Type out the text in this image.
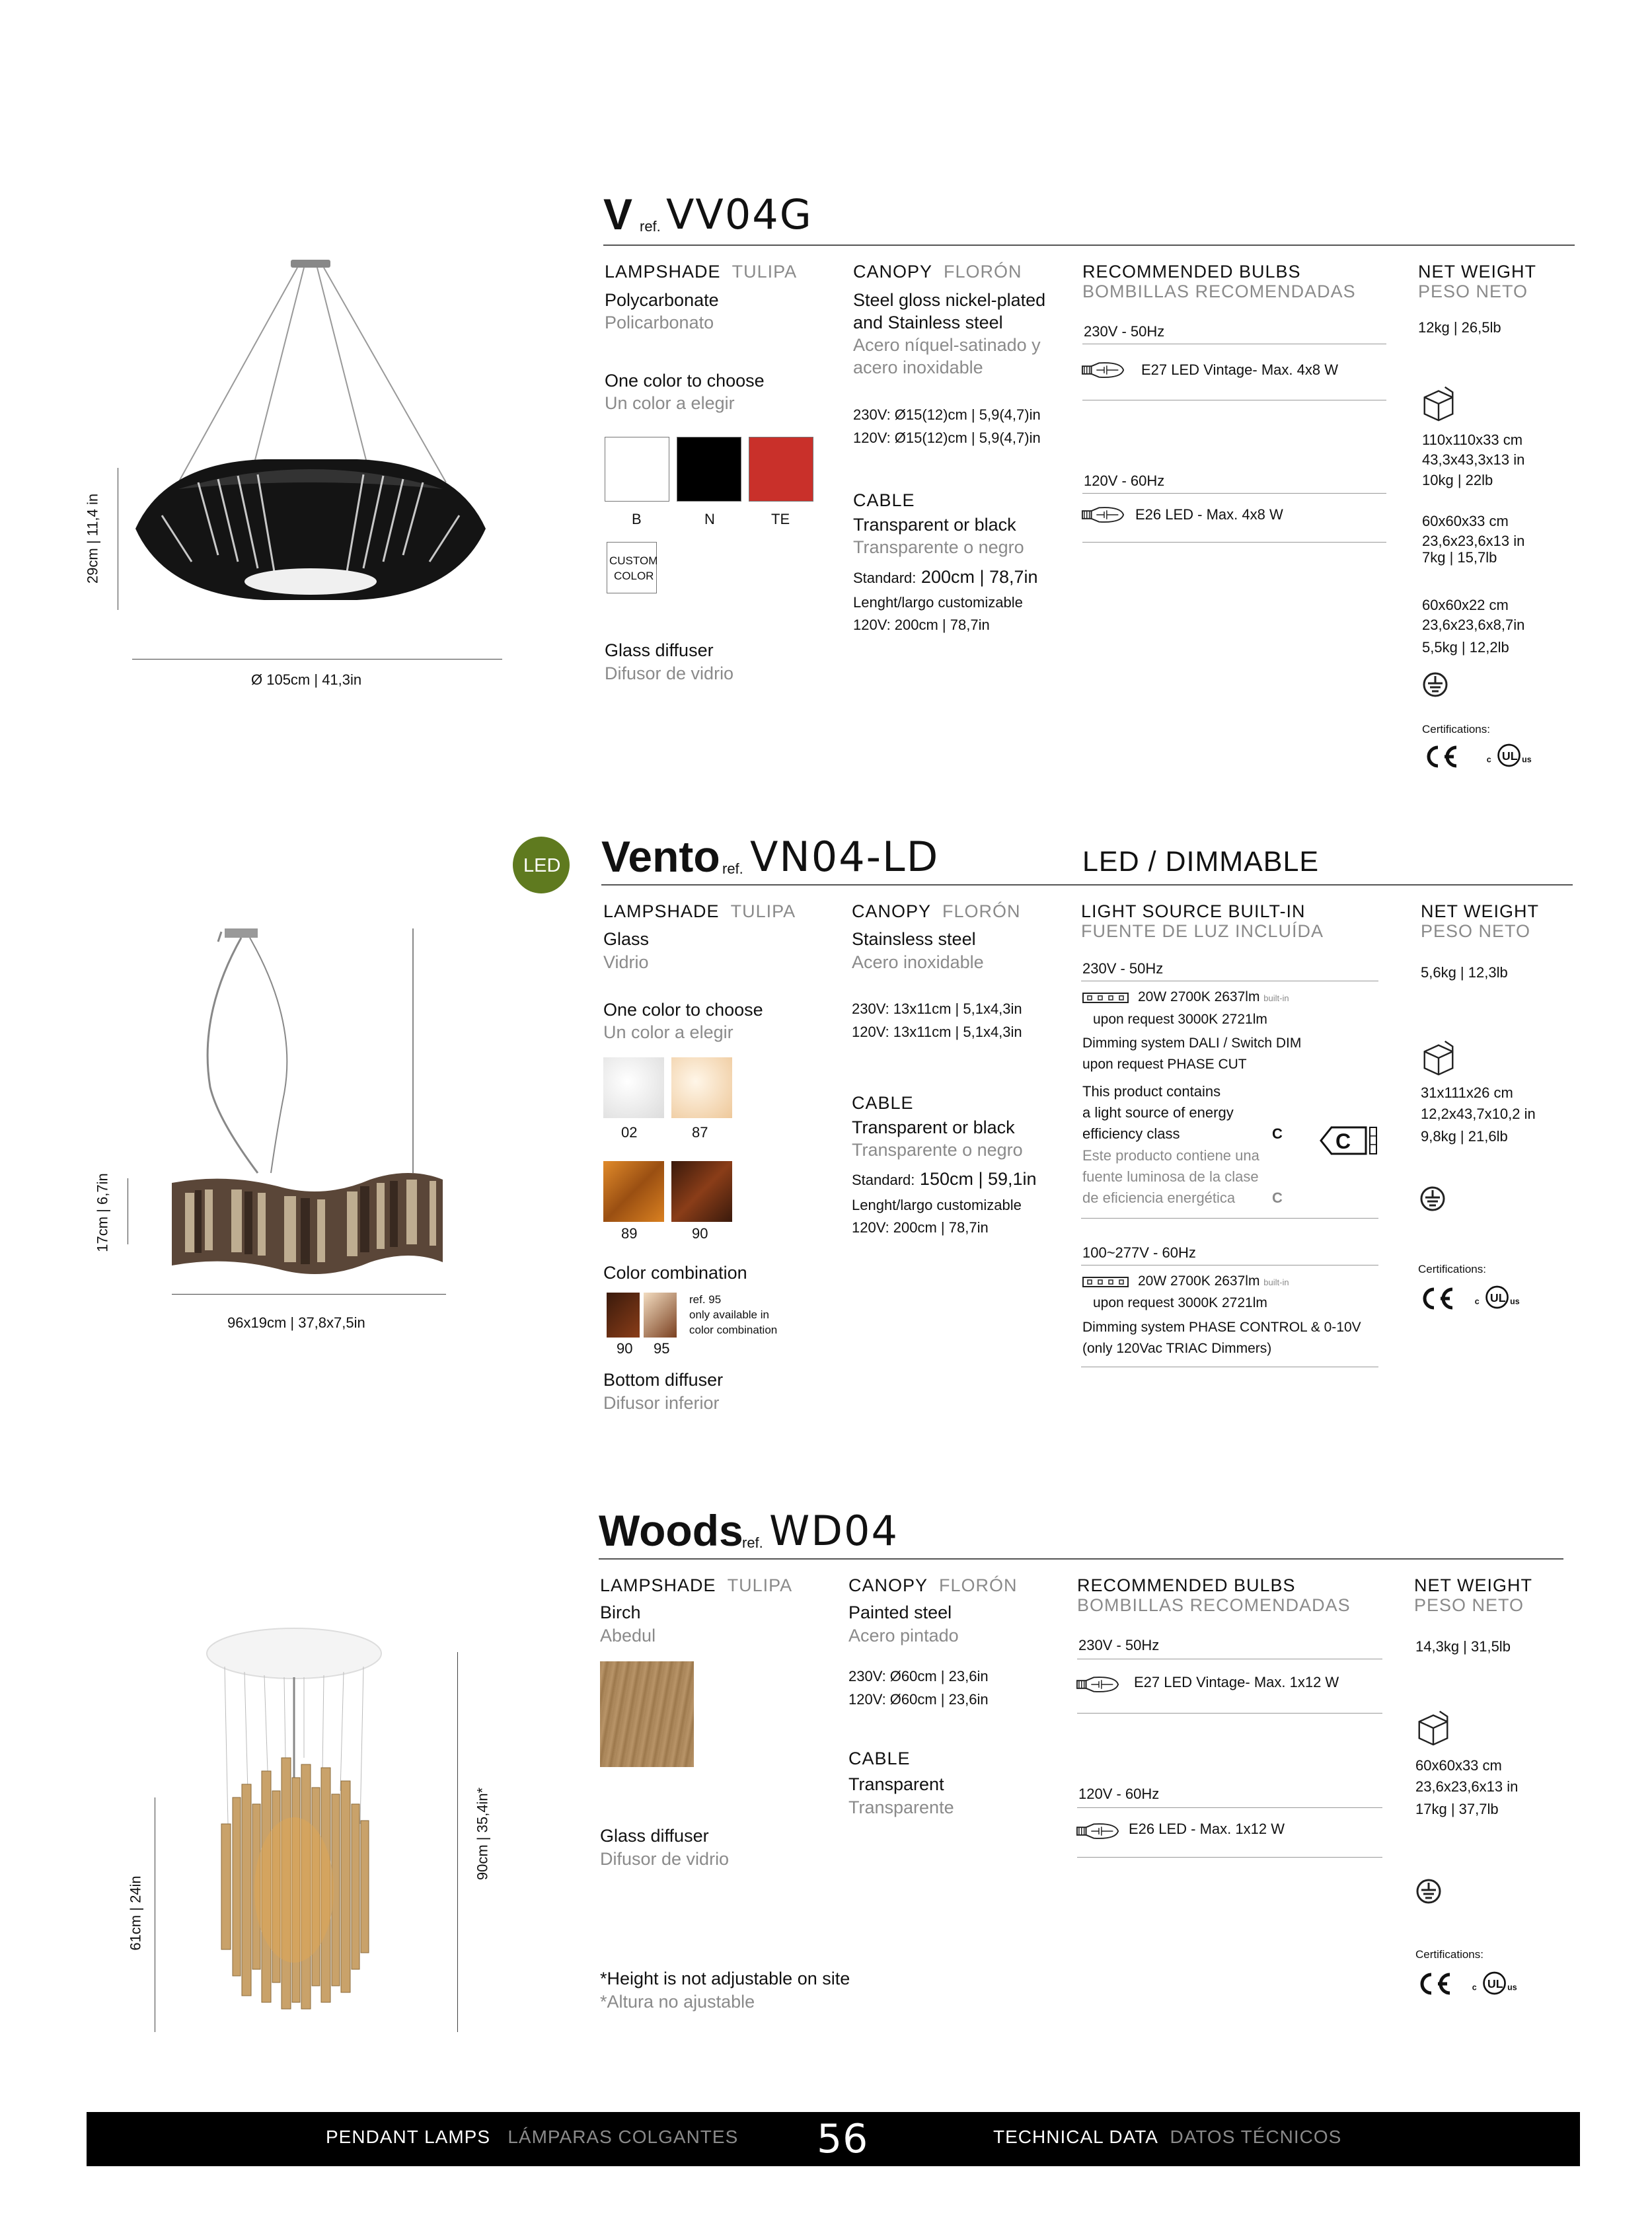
29cm | 11,4 in
Ø 105cm | 41,3in
V ref. VV04G
LAMPSHADE TULIPA
Polycarbonate
Policarbonato
One color to choose
Un color a elegir
B	N	TE
CUSTOM
COLOR
Glass diffuser
Difusor de vidrio
CANOPY FLORÓN
Steel gloss nickel-plated
and Stainless steel
Acero níquel-satinado y
acero inoxidable
230V: Ø15(12)cm | 5,9(4,7)in
120V: Ø15(12)cm | 5,9(4,7)in
CABLE
Transparent or black
Transparente o negro
Standard: 200cm | 78,7in
Lenght/largo customizable
120V: 200cm | 78,7in
RECOMMENDED BULBS
BOMBILLAS RECOMENDADAS
230V - 50Hz
E27 LED Vintage- Max. 4x8 W
120V - 60Hz
E26 LED - Max. 4x8 W
NET WEIGHT
PESO NETO
12kg | 26,5lb
110x110x33 cm
43,3x43,3x13 in
10kg | 22lb
60x60x33 cm
23,6x23,6x13 in
7kg | 15,7lb
60x60x22 cm
23,6x23,6x8,7in
5,5kg | 12,2lb
Certifications:
LED
17cm | 6,7in
96x19cm | 37,8x7,5in
Vento ref. VN04-LD	LED / DIMMABLE
LAMPSHADE TULIPA
Glass
Vidrio
One color to choose
Un color a elegir
02	87
89	90
Color combination
90 95
ref. 95
only available in
color combination
Bottom diffuser
Difusor inferior
CANOPY FLORÓN
Stainsless steel
Acero inoxidable
230V: 13x11cm | 5,1x4,3in
120V: 13x11cm | 5,1x4,3in
CABLE
Transparent or black
Transparente o negro
Standard: 150cm | 59,1in
Lenght/largo customizable
120V: 200cm | 78,7in
LIGHT SOURCE BUILT-IN
FUENTE DE LUZ INCLUÍDA
230V - 50Hz
20W 2700K 2637lm built-in
upon request 3000K 2721lm
Dimming system DALI / Switch DIM
upon request PHASE CUT
This product contains
a light source of energy
efficiency class	C
Este producto contiene una
fuente luminosa de la clase
de eficiencia energética	C
C
100~277V - 60Hz
20W 2700K 2637lm built-in
upon request 3000K 2721lm
Dimming system PHASE CONTROL & 0-10V
(only 120Vac TRIAC Dimmers)
NET WEIGHT
PESO NETO
5,6kg | 12,3lb
31x111x26 cm
12,2x43,7x10,2 in
9,8kg | 21,6lb
Certifications:
61cm | 24in
90cm | 35,4in*
Woods
ref. WD04
LAMPSHADE TULIPA
Birch
Abedul
Glass diffuser
Difusor de vidrio
*Height is not adjustable on site
*Altura no ajustable
CANOPY FLORÓN
Painted steel
Acero pintado
230V: Ø60cm | 23,6in
120V: Ø60cm | 23,6in
CABLE
Transparent
Transparente
RECOMMENDED BULBS
BOMBILLAS RECOMENDADAS
230V - 50Hz
E27 LED Vintage- Max. 1x12 W
120V - 60Hz
E26 LED - Max. 1x12 W
NET WEIGHT
PESO NETO
14,3kg | 31,5lb
60x60x33 cm
23,6x23,6x13 in
17kg | 37,7lb
Certifications:
PENDANT LAMPS LÁMPARAS COLGANTES 56	TECHNICAL DATA DATOS TÉCNICOS
